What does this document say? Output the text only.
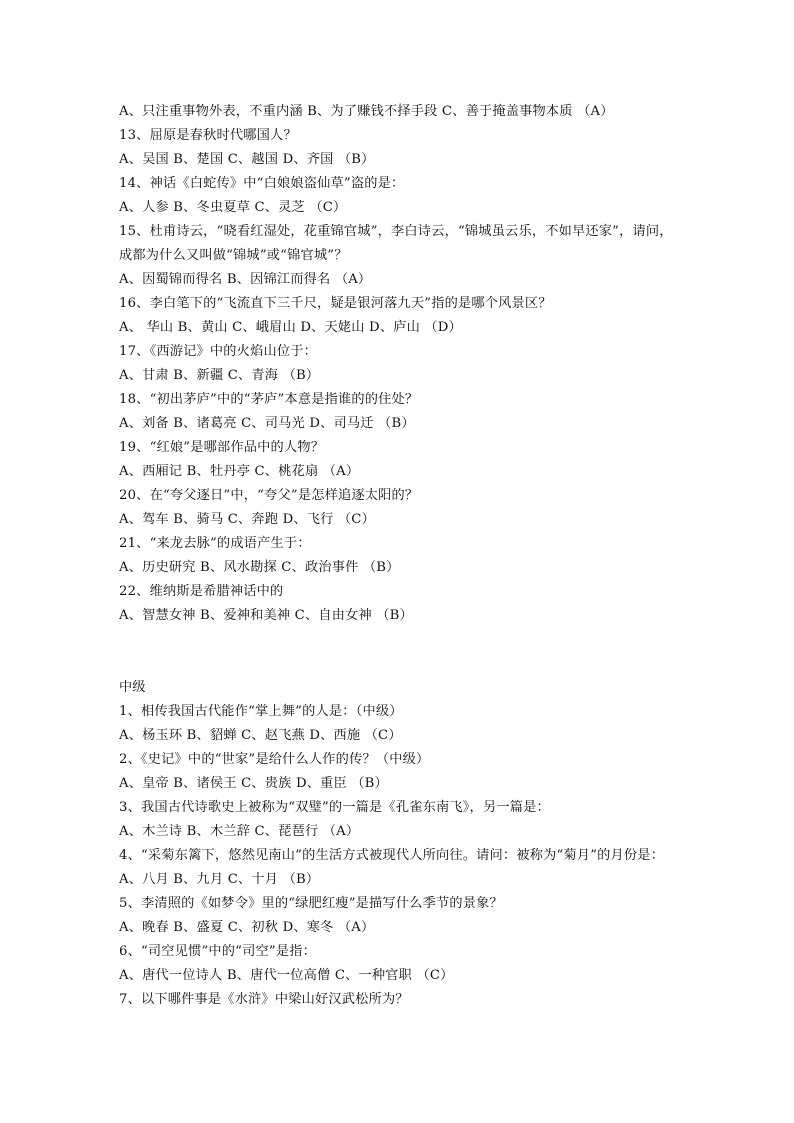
A、只注重事物外表，不重内涵 B、为了赚钱不择手段 C、善于掩盖事物本质 （A）
13、屈原是春秋时代哪国人？
A、吴国 B、楚国 C、越国 D、齐国 （B）
14、神话《白蛇传》中“白娘娘盗仙草”盗的是：
A、人参 B、冬虫夏草 C、灵芝 （C）
15、杜甫诗云，“晓看红湿处，花重锦官城”，李白诗云，“锦城虽云乐，不如早还家”，请问，
成都为什么又叫做“锦城”或“锦官城”？
A、因蜀锦而得名 B、因锦江而得名 （A）
16、李白笔下的“飞流直下三千尺，疑是银河落九天”指的是哪个风景区？
A、 华山 B、黄山 C、峨眉山 D、天姥山 D、庐山 （D）
17、《西游记》中的火焰山位于：
A、甘肃 B、新疆 C、青海 （B）
18、“初出茅庐”中的“茅庐”本意是指谁的的住处？
A、刘备 B、诸葛亮 C、司马光 D、司马迁 （B）
19、“红娘”是哪部作品中的人物？
A、西厢记 B、牡丹亭 C、桃花扇 （A）
20、在“夸父逐日”中，“夸父”是怎样追逐太阳的？
A、驾车 B、骑马 C、奔跑 D、飞行 （C）
21、“来龙去脉”的成语产生于：
A、历史研究 B、风水勘探 C、政治事件 （B）
22、维纳斯是希腊神话中的
A、智慧女神 B、爱神和美神 C、自由女神 （B）
中级
1、相传我国古代能作“掌上舞”的人是：（中级）
A、杨玉环 B、貂蝉 C、赵飞燕 D、西施 （C）
2、《史记》中的“世家”是给什么人作的传？（中级）
A、皇帝 B、诸侯王 C、贵族 D、重臣 （B）
3、我国古代诗歌史上被称为“双璧”的一篇是《孔雀东南飞》，另一篇是：
A、木兰诗 B、木兰辞 C、琵琶行 （A）
4、“采菊东篱下，悠然见南山”的生活方式被现代人所向往。请问：被称为“菊月”的月份是：
A、八月 B、九月 C、十月 （B）
5、李清照的《如梦令》里的“绿肥红瘦”是描写什么季节的景象？
A、晚春 B、盛夏 C、初秋 D、寒冬 （A）
6、“司空见惯”中的“司空”是指：
A、唐代一位诗人 B、唐代一位高僧 C、一种官职 （C）
7、以下哪件事是《水浒》中梁山好汉武松所为？
